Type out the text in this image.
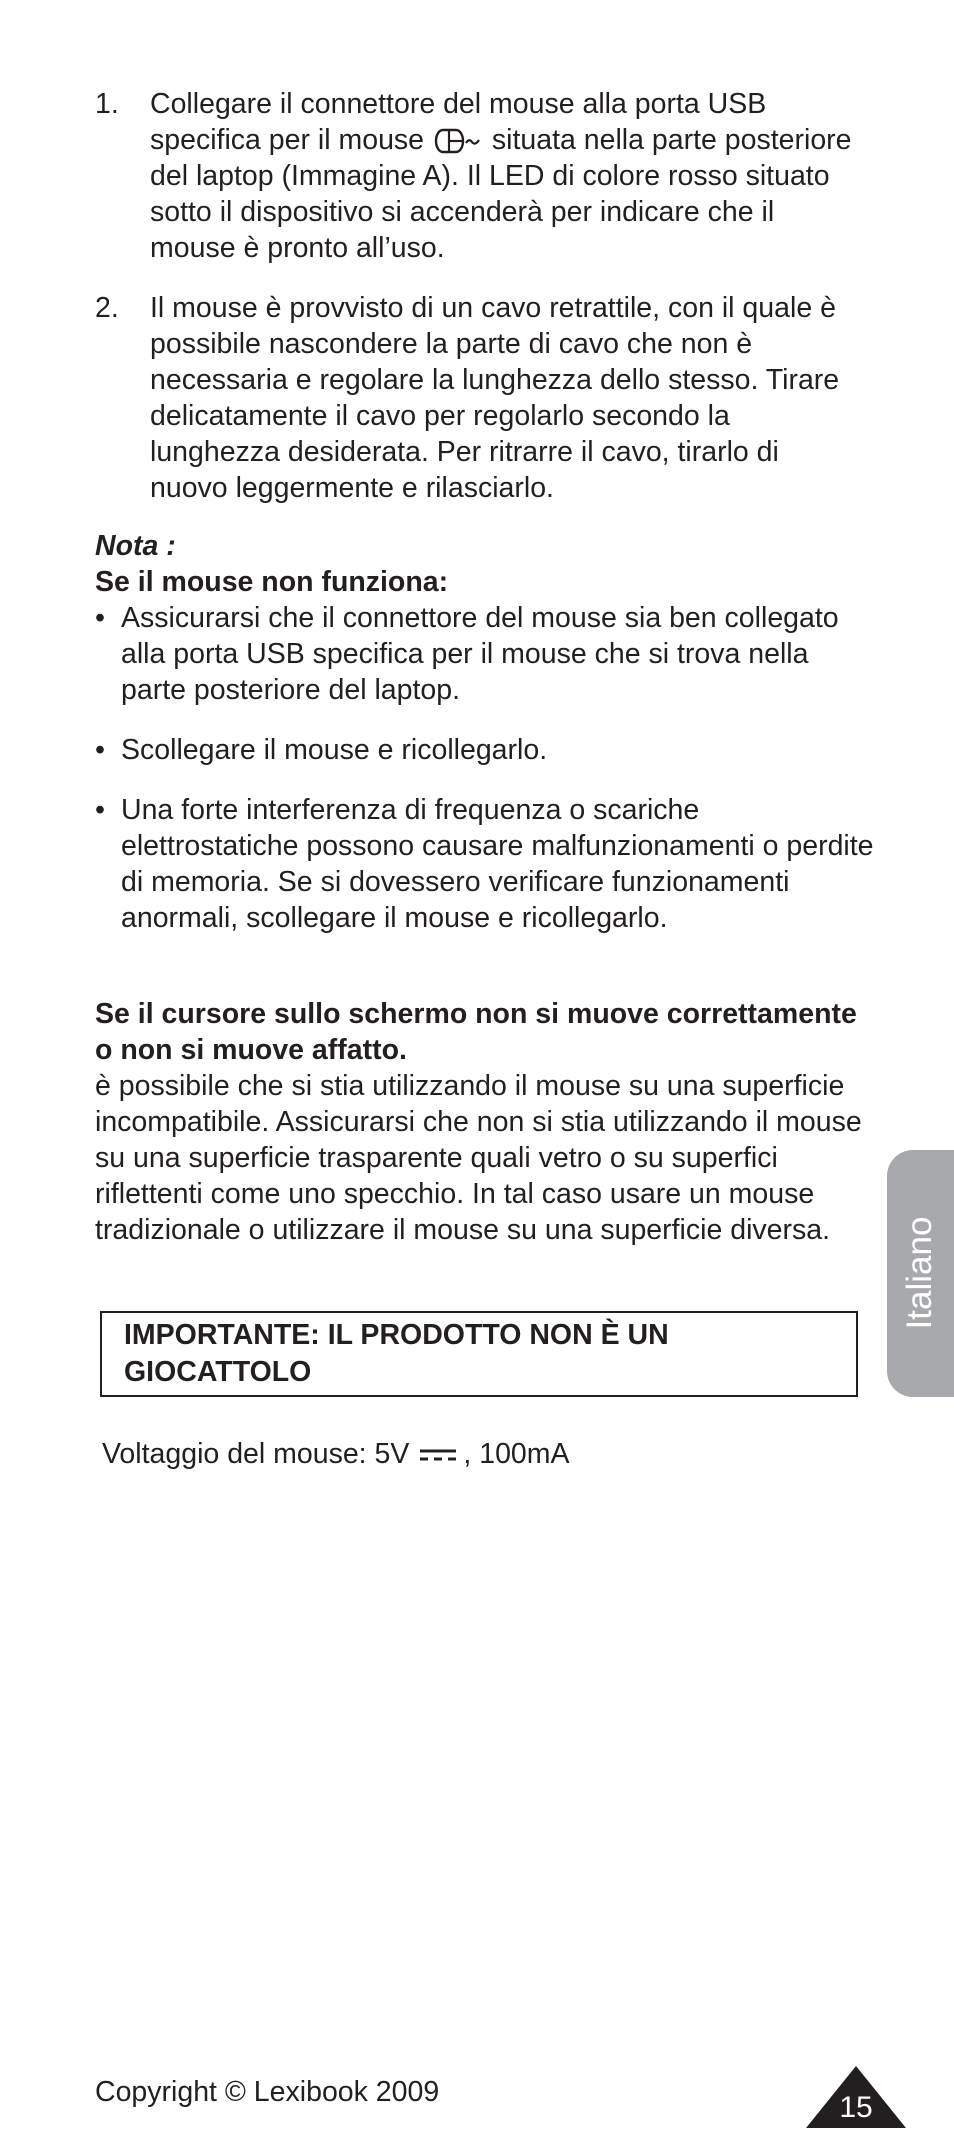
1. Collegare il connettore del mouse alla porta USB specifica per il mouse situata nella parte posteriore del laptop (Immagine A). Il LED di colore rosso situato sotto il dispositivo si accenderà per indicare che il mouse è pronto all’uso.
2. Il mouse è provvisto di un cavo retrattile, con il quale è possibile nascondere la parte di cavo che non è necessaria e regolare la lunghezza dello stesso. Tirare delicatamente il cavo per regolarlo secondo la lunghezza desiderata. Per ritrarre il cavo, tirarlo di nuovo leggermente e rilasciarlo.
Nota :
Se il mouse non funziona:
• Assicurarsi che il connettore del mouse sia ben collegato alla porta USB specifica per il mouse che si trova nella parte posteriore del laptop.
• Scollegare il mouse e ricollegarlo.
• Una forte interferenza di frequenza o scariche elettrostatiche possono causare malfunzionamenti o perdite di memoria. Se si dovessero verificare funzionamenti anormali, scollegare il mouse e ricollegarlo.
Se il cursore sullo schermo non si muove correttamente o non si muove affatto.
è possibile che si stia utilizzando il mouse su una superficie incompatibile. Assicurarsi che non si stia utilizzando il mouse su una superficie trasparente quali vetro o su superfici riflettenti come uno specchio. In tal caso usare un mouse tradizionale o utilizzare il mouse su una superficie diversa.
IMPORTANTE: IL PRODOTTO NON È UN GIOCATTOLO
Voltaggio del mouse: 5V , 100mA
Italiano
Copyright © Lexibook 2009	15
